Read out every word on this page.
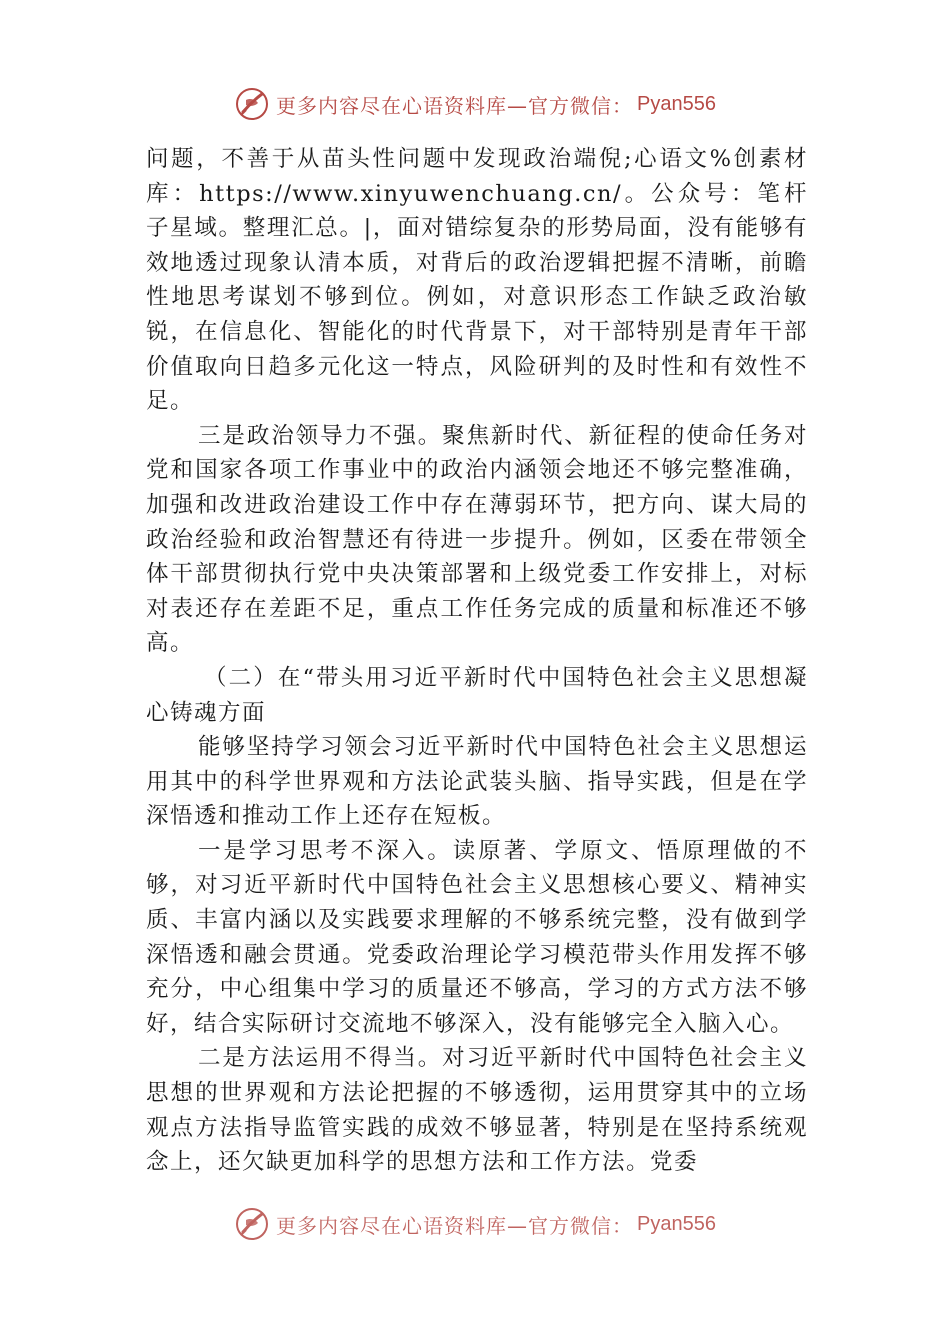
更多内容尽在心语资料库—官方微信： Pyan556

问题，不善于从苗头性问题中发现政治端倪;心语文%创素材库：https://www.xinyuwenchuang.cn/。公众号：笔杆子星域。整理汇总。|，面对错综复杂的形势局面，没有能够有效地透过现象认清本质，对背后的政治逻辑把握不清晰，前瞻性地思考谋划不够到位。例如，对意识形态工作缺乏政治敏锐，在信息化、智能化的时代背景下，对干部特别是青年干部价值取向日趋多元化这一特点，风险研判的及时性和有效性不足。

三是政治领导力不强。聚焦新时代、新征程的使命任务对党和国家各项工作事业中的政治内涵领会地还不够完整准确，加强和改进政治建设工作中存在薄弱环节，把方向、谋大局的政治经验和政治智慧还有待进一步提升。例如，区委在带领全体干部贯彻执行党中央决策部署和上级党委工作安排上，对标对表还存在差距不足，重点工作任务完成的质量和标准还不够高。

（二）在“带头用习近平新时代中国特色社会主义思想凝心铸魂方面

能够坚持学习领会习近平新时代中国特色社会主义思想运用其中的科学世界观和方法论武装头脑、指导实践，但是在学深悟透和推动工作上还存在短板。

一是学习思考不深入。读原著、学原文、悟原理做的不够，对习近平新时代中国特色社会主义思想核心要义、精神实质、丰富内涵以及实践要求理解的不够系统完整，没有做到学深悟透和融会贯通。党委政治理论学习模范带头作用发挥不够充分，中心组集中学习的质量还不够高，学习的方式方法不够好，结合实际研讨交流地不够深入，没有能够完全入脑入心。

二是方法运用不得当。对习近平新时代中国特色社会主义思想的世界观和方法论把握的不够透彻，运用贯穿其中的立场观点方法指导监管实践的成效不够显著，特别是在坚持系统观念上，还欠缺更加科学的思想方法和工作方法。党委

更多内容尽在心语资料库—官方微信： Pyan556
